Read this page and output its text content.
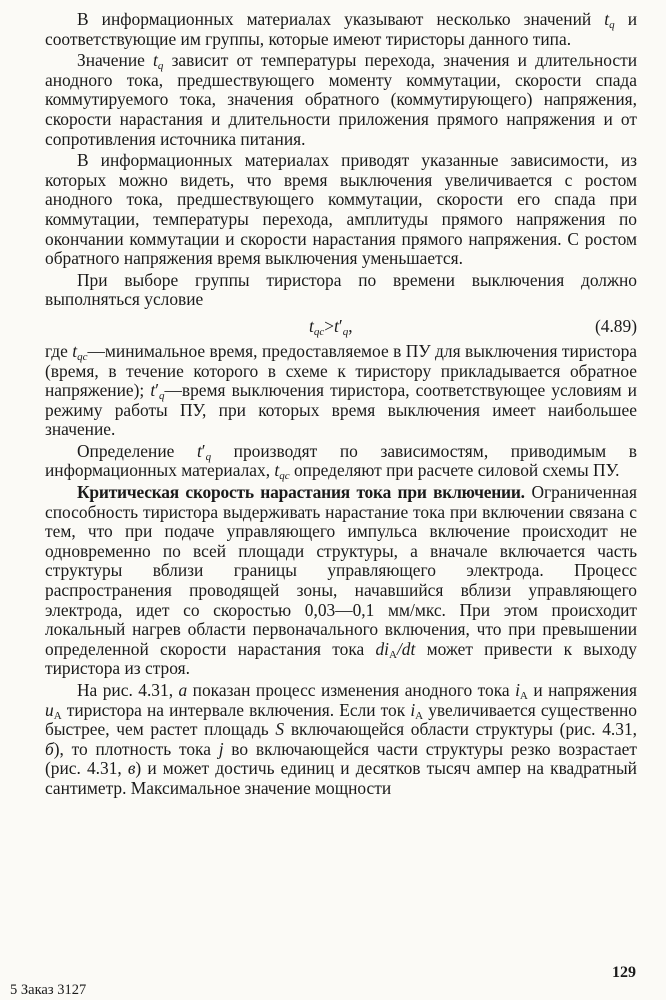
В информационных материалах указывают несколько значений $t_q$ и соответствующие им группы, которые имеют тиристоры данного типа.

Значение $t_q$ зависит от температуры перехода, значения и длительности анодного тока, предшествующего моменту коммутации, скорости спада коммутируемого тока, значения обратного (коммутирующего) напряжения, скорости нарастания и длительности приложения прямого напряжения и от сопротивления источника питания.

В информационных материалах приводят указанные зависимости, из которых можно видеть, что время выключения увеличивается с ростом анодного тока, предшествующего коммутации, скорости его спада при коммутации, температуры перехода, амплитуды прямого напряжения по окончании коммутации и скорости нарастания прямого напряжения. С ростом обратного напряжения время выключения уменьшается.

При выборе группы тиристора по времени выключения должно выполняться условие

$t_{qc}>t'_q$,	(4.89)

где $t_{qc}—минимальное$ время, предоставляемое в ПУ для выключения тиристора (время, в течение которого в схеме к тиристору прикладывается обратное напряжение); $t'_q—время$ выключения тиристора, соответствующее условиям и режиму работы ПУ, при которых время выключения имеет наибольшее значение.

Определение $t'_q$ производят по зависимостям, приводимым в информационных материалах, $t_{qc}$ определяют при расчете силовой схемы ПУ.

Критическая скорость нарастания тока при включении. Ограниченная способность тиристора выдерживать нарастание тока при включении связана с тем, что при подаче управляющего импульса включение происходит не одновременно по всей площади структуры, а вначале включается часть структуры вблизи границы управляющего электрода. Процесс распространения проводящей зоны, начавшийся вблизи управляющего электрода, идет со скоростью 0,03—0,1 мм/мкс. При этом происходит локальный нагрев области первоначального включения, что при превышении определенной скорости нарастания тока $di_A/dt$ может привести к выходу тиристора из строя.

На рис. 4.31, а показан процесс изменения анодного тока $i_A$ и напряжения $u_A$ тиристора на интервале включения. Если ток $i_A$ увеличивается существенно быстрее, чем растет площадь S включающейся области структуры (рис. 4.31, б), то плотность тока j во включающейся части структуры резко возрастает (рис. 4.31, в) и может достичь единиц и десятков тысяч ампер на квадратный сантиметр. Максимальное значение мощности

5 Заказ 3127
129
